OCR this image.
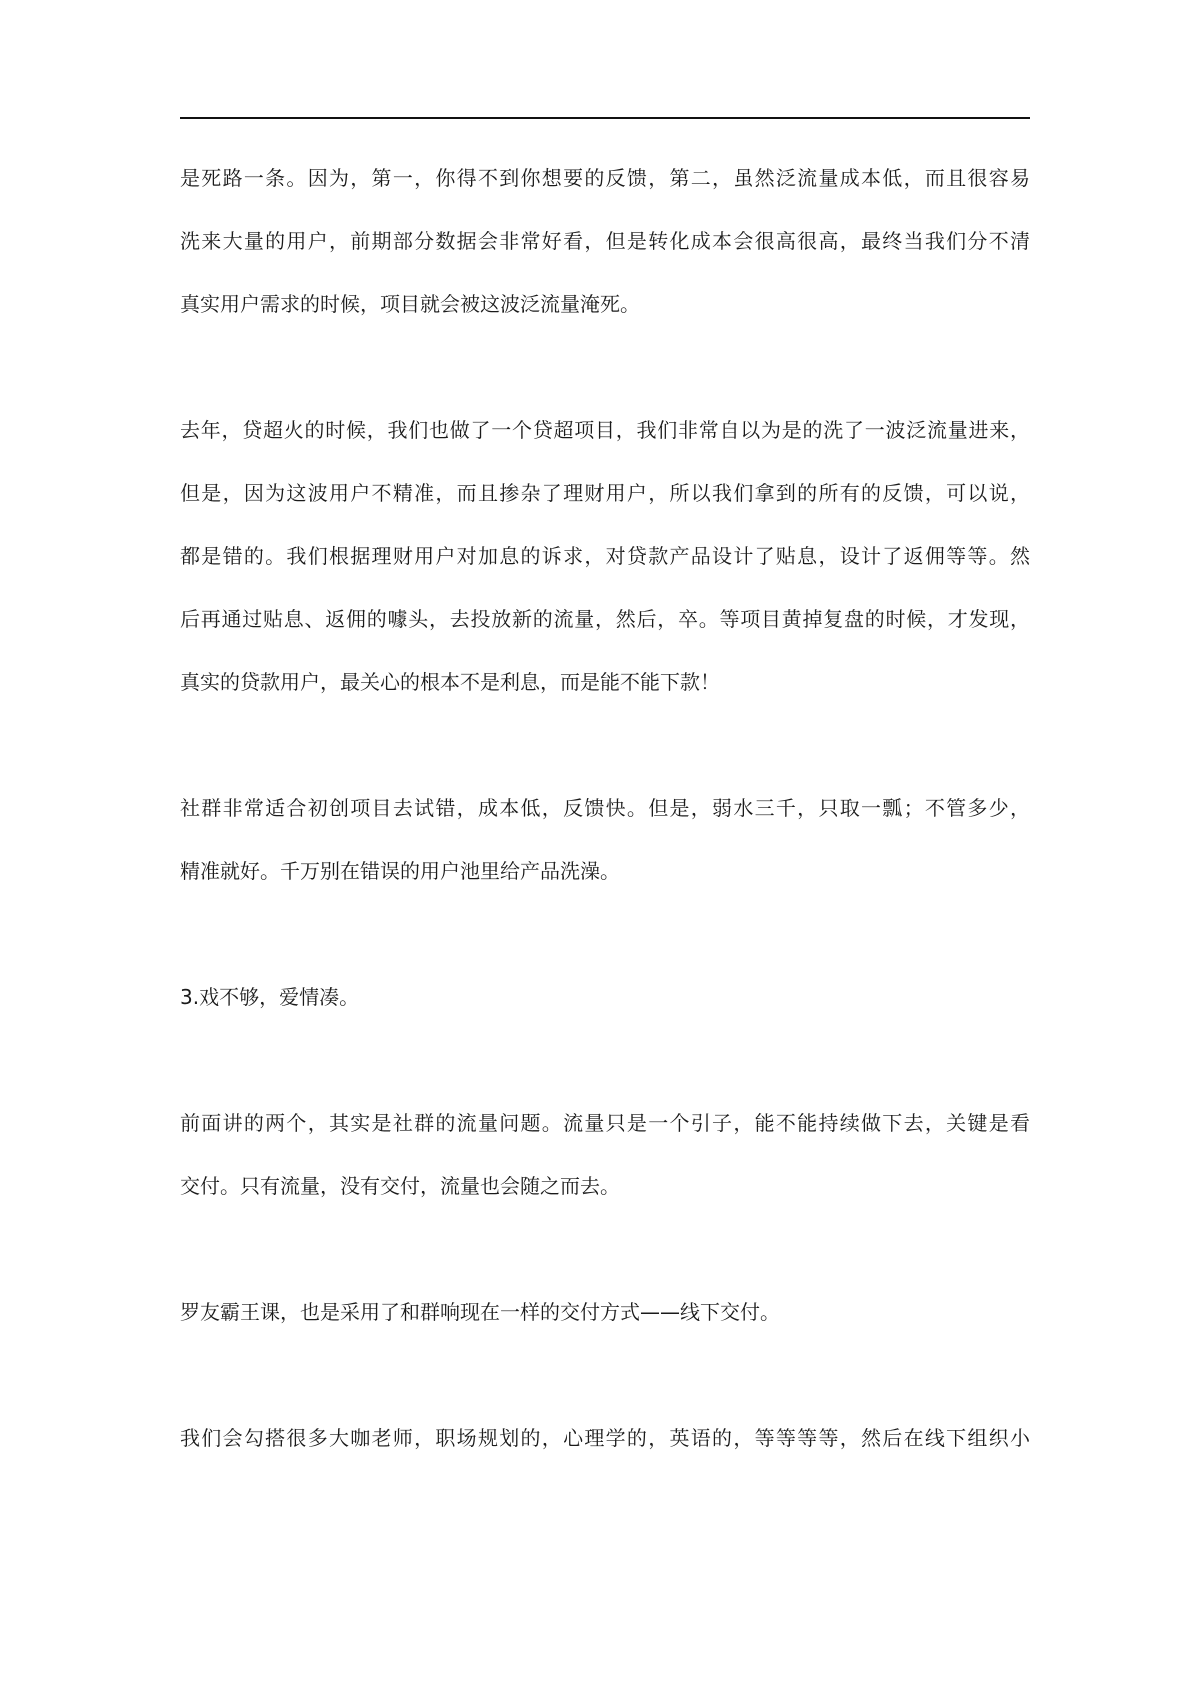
是死路一条。因为，第一，你得不到你想要的反馈，第二，虽然泛流量成本低，而且很容易
洗来大量的用户，前期部分数据会非常好看，但是转化成本会很高很高，最终当我们分不清
真实用户需求的时候，项目就会被这波泛流量淹死。
去年，贷超火的时候，我们也做了一个贷超项目，我们非常自以为是的洗了一波泛流量进来，
但是，因为这波用户不精准，而且掺杂了理财用户，所以我们拿到的所有的反馈，可以说，
都是错的。我们根据理财用户对加息的诉求，对贷款产品设计了贴息，设计了返佣等等。然
后再通过贴息、返佣的噱头，去投放新的流量，然后，卒。等项目黄掉复盘的时候，才发现，
真实的贷款用户，最关心的根本不是利息，而是能不能下款！
社群非常适合初创项目去试错，成本低，反馈快。但是，弱水三千，只取一瓢；不管多少，
精准就好。千万别在错误的用户池里给产品洗澡。
3.戏不够，爱情凑。
前面讲的两个，其实是社群的流量问题。流量只是一个引子，能不能持续做下去，关键是看
交付。只有流量，没有交付，流量也会随之而去。
罗友霸王课，也是采用了和群响现在一样的交付方式——线下交付。
我们会勾搭很多大咖老师，职场规划的，心理学的，英语的，等等等等，然后在线下组织小
